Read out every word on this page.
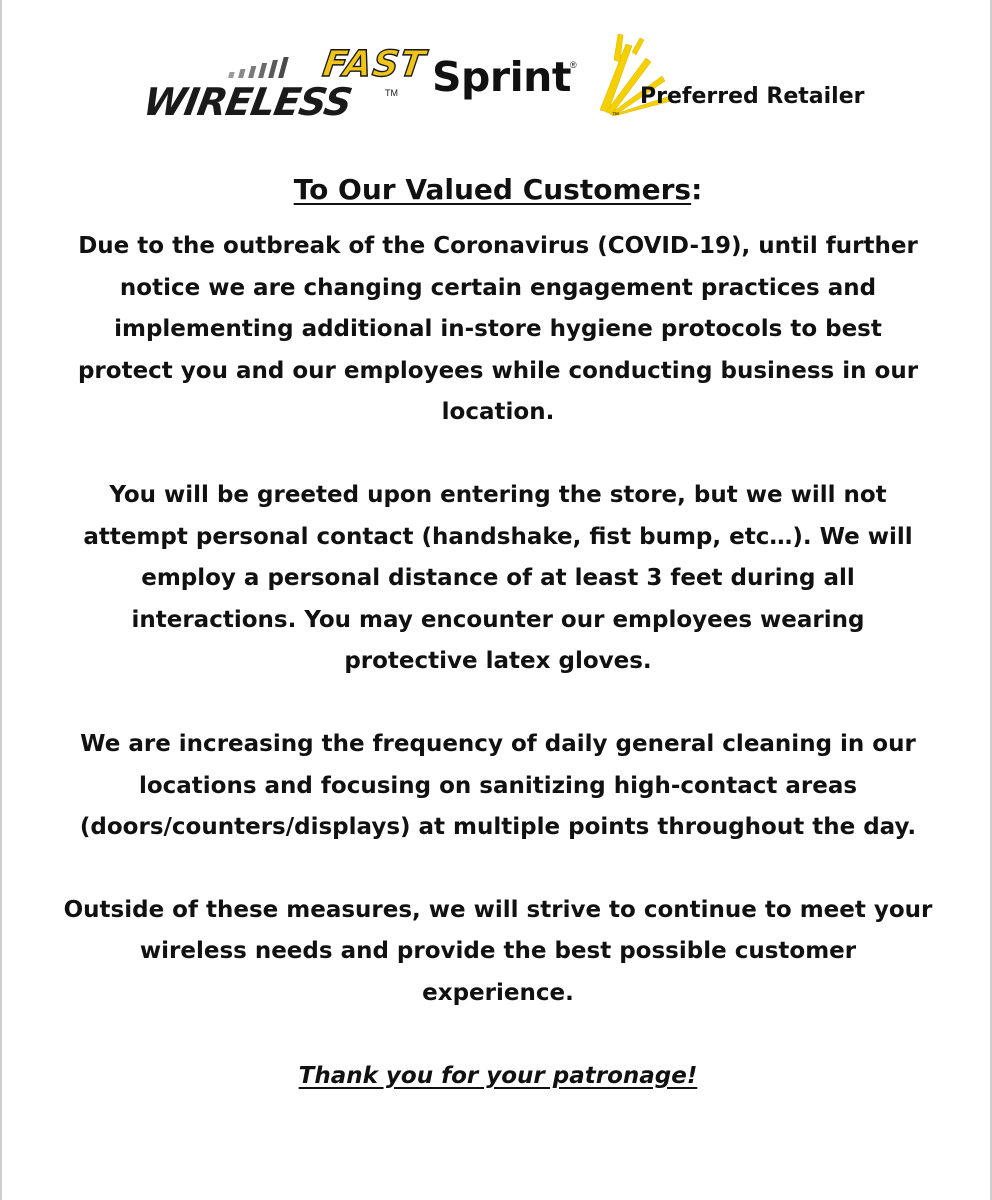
FAST
WIRELESS	TM Sprint ®
™
Preferred Retailer
To Our Valued Customers:

Due to the outbreak of the Coronavirus (COVID-19), until further
notice we are changing certain engagement practices and
implementing additional in-store hygiene protocols to best
protect you and our employees while conducting business in our
location.

You will be greeted upon entering the store, but we will not
attempt personal contact (handshake, fist bump, etc…). We will
employ a personal distance of at least 3 feet during all
interactions. You may encounter our employees wearing
protective latex gloves.

We are increasing the frequency of daily general cleaning in our
locations and focusing on sanitizing high-contact areas
(doors/counters/displays) at multiple points throughout the day.

Outside of these measures, we will strive to continue to meet your
wireless needs and provide the best possible customer
experience.

Thank you for your patronage!
